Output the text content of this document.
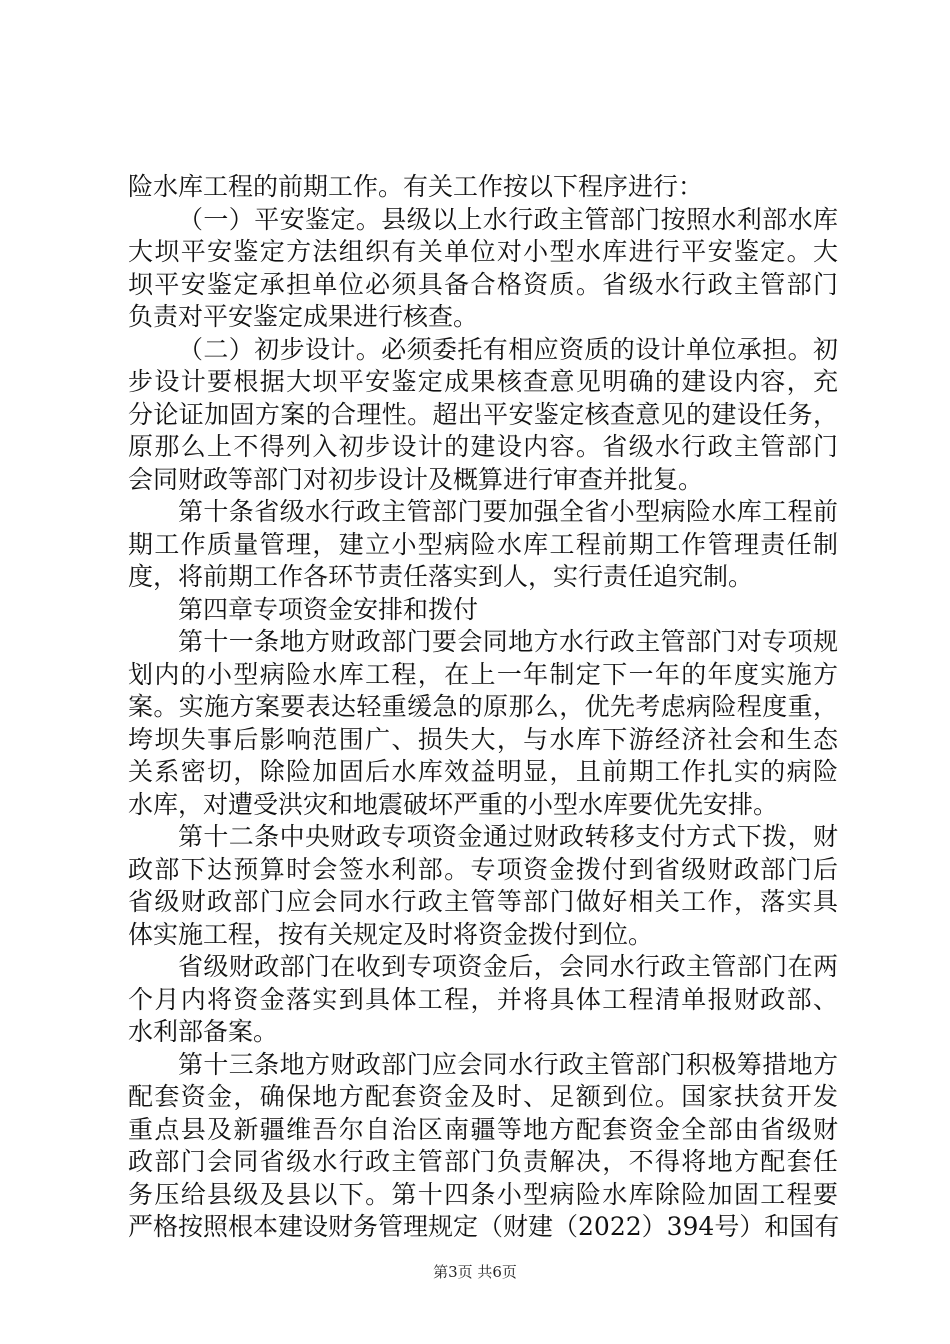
险水库工程的前期工作。有关工作按以下程序进行：
（一）平安鉴定。县级以上水行政主管部门按照水利部水库
大坝平安鉴定方法组织有关单位对小型水库进行平安鉴定。大
坝平安鉴定承担单位必须具备合格资质。省级水行政主管部门
负责对平安鉴定成果进行核查。
（二）初步设计。必须委托有相应资质的设计单位承担。初
步设计要根据大坝平安鉴定成果核查意见明确的建设内容，充
分论证加固方案的合理性。超出平安鉴定核查意见的建设任务，
原那么上不得列入初步设计的建设内容。省级水行政主管部门
会同财政等部门对初步设计及概算进行审查并批复。
第十条省级水行政主管部门要加强全省小型病险水库工程前
期工作质量管理，建立小型病险水库工程前期工作管理责任制
度，将前期工作各环节责任落实到人，实行责任追究制。
第四章专项资金安排和拨付
第十一条地方财政部门要会同地方水行政主管部门对专项规
划内的小型病险水库工程，在上一年制定下一年的年度实施方
案。实施方案要表达轻重缓急的原那么，优先考虑病险程度重，
垮坝失事后影响范围广、损失大，与水库下游经济社会和生态
关系密切，除险加固后水库效益明显，且前期工作扎实的病险
水库，对遭受洪灾和地震破坏严重的小型水库要优先安排。
第十二条中央财政专项资金通过财政转移支付方式下拨，财
政部下达预算时会签水利部。专项资金拨付到省级财政部门后
省级财政部门应会同水行政主管等部门做好相关工作，落实具
体实施工程，按有关规定及时将资金拨付到位。
省级财政部门在收到专项资金后，会同水行政主管部门在两
个月内将资金落实到具体工程，并将具体工程清单报财政部、
水利部备案。
第十三条地方财政部门应会同水行政主管部门积极筹措地方
配套资金，确保地方配套资金及时、足额到位。国家扶贫开发
重点县及新疆维吾尔自治区南疆等地方配套资金全部由省级财
政部门会同省级水行政主管部门负责解决，不得将地方配套任
务压给县级及县以下。第十四条小型病险水库除险加固工程要
严格按照根本建设财务管理规定（财建（2022）394号）和国有
第3页 共6页
